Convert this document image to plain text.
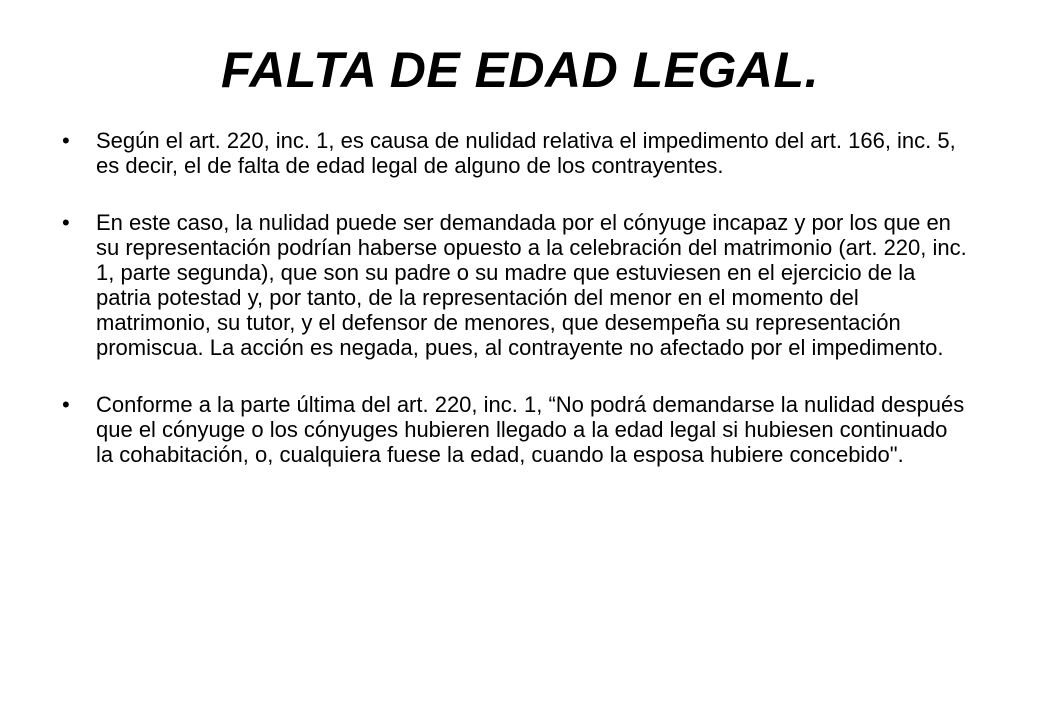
FALTA DE EDAD LEGAL.
•	Según el art. 220, inc. 1, es causa de nulidad relativa el impedimento del art. 166, inc. 5, es decir, el de falta de edad legal de alguno de los contrayentes.
•	En este caso, la nulidad puede ser demandada por el cónyuge incapaz y por los que en su representación podrían haberse opuesto a la celebración del matrimonio (art. 220, inc. 1, parte segunda), que son su padre o su madre que estuviesen en el ejercicio de la patria potestad y, por tanto, de la representación del menor en el momento del matrimonio, su tutor, y el defensor de menores, que desempeña su representación promiscua. La acción es negada, pues, al contrayente no afectado por el impedimento.
•	Conforme a la parte última del art. 220, inc. 1, “No podrá demandarse la nulidad después que el cónyuge o los cónyuges hubieren llegado a la edad legal si hubiesen continuado la cohabitación, o, cualquiera fuese la edad, cuando la esposa hubiere concebido".
